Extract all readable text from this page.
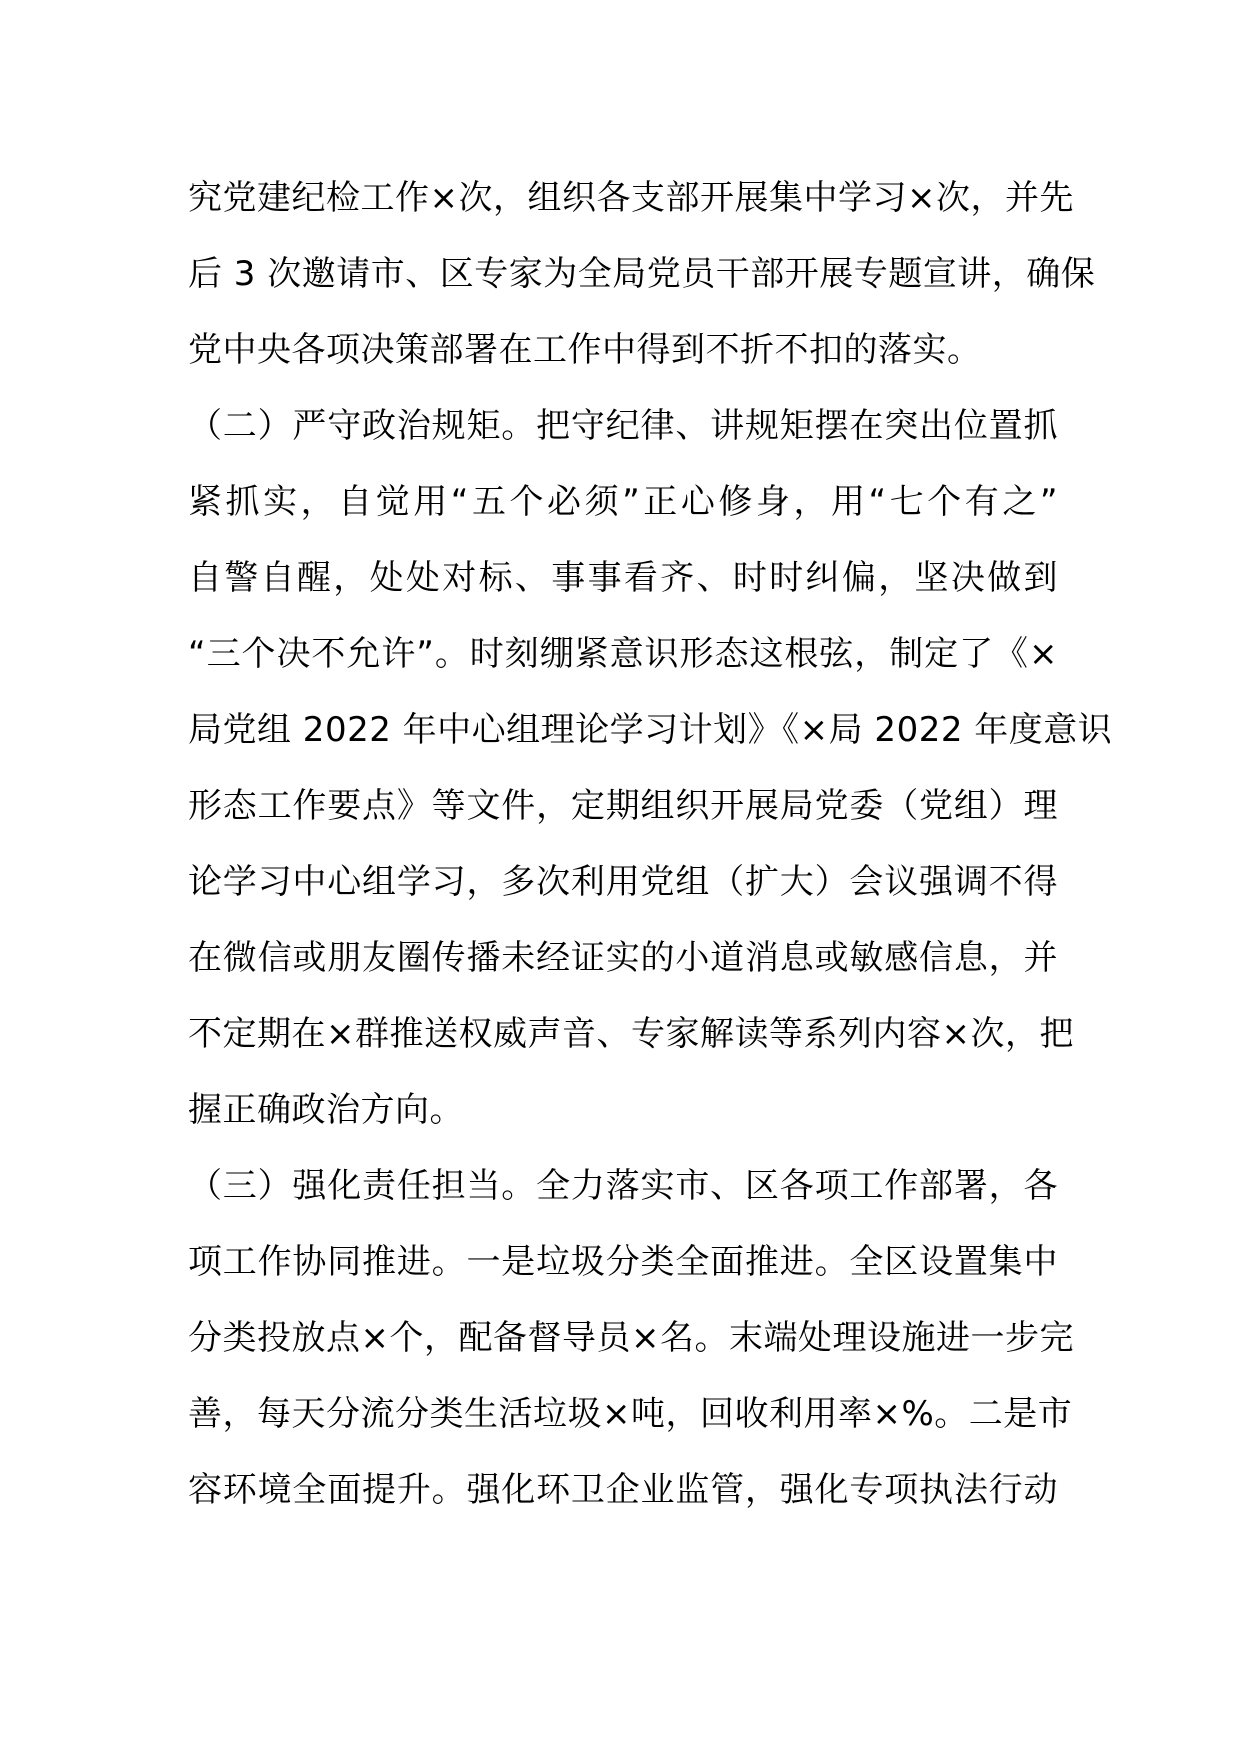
究党建纪检工作×次，组织各支部开展集中学习×次，并先
后 3 次邀请市、区专家为全局党员干部开展专题宣讲，确保
党中央各项决策部署在工作中得到不折不扣的落实。
（二）严守政治规矩。把守纪律、讲规矩摆在突出位置抓
紧抓实，自觉用“五个必须”正心修身，用“七个有之”
自警自醒，处处对标、事事看齐、时时纠偏，坚决做到
“三个决不允许”。时刻绷紧意识形态这根弦，制定了《×
局党组 2022 年中心组理论学习计划》《×局 2022 年度意识
形态工作要点》等文件，定期组织开展局党委（党组）理
论学习中心组学习，多次利用党组（扩大）会议强调不得
在微信或朋友圈传播未经证实的小道消息或敏感信息，并
不定期在×群推送权威声音、专家解读等系列内容×次，把
握正确政治方向。
（三）强化责任担当。全力落实市、区各项工作部署，各
项工作协同推进。一是垃圾分类全面推进。全区设置集中
分类投放点×个，配备督导员×名。末端处理设施进一步完
善，每天分流分类生活垃圾×吨，回收利用率×%。二是市
容环境全面提升。强化环卫企业监管，强化专项执法行动
